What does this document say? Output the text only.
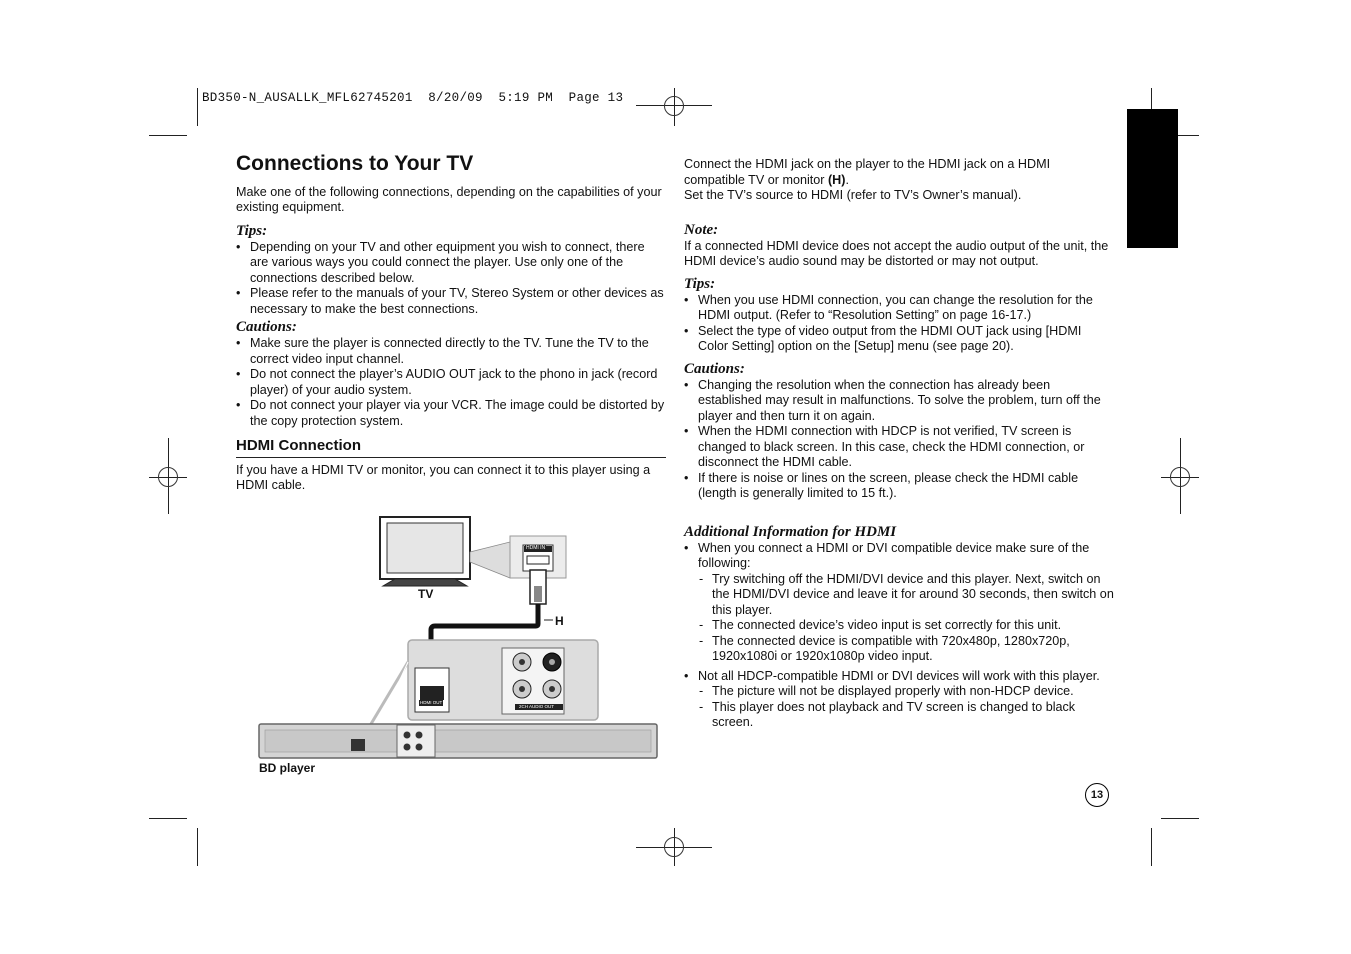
BD350-N_AUSALLK_MFL62745201  8/20/09  5:19 PM  Page 13
Connections to Your TV

Make one of the following connections, depending on the capabilities of your existing equipment.

Tips:

• Depending on your TV and other equipment you wish to connect, there are various ways you could connect the player. Use only one of the connections described below.
• Please refer to the manuals of your TV, Stereo System or other devices as necessary to make the best connections.

Cautions:

• Make sure the player is connected directly to the TV. Tune the TV to the correct video input channel.
• Do not connect the player’s AUDIO OUT jack to the phono in jack (record player) of your audio system.
• Do not connect your player via your VCR. The image could be distorted by the copy protection system.

HDMI Connection

If you have a HDMI TV or monitor, you can connect it to this player using a HDMI cable.

TV
H
BD player
HDMI IN
HDMI OUT
2CH AUDIO OUT

Connect the HDMI jack on the player to the HDMI jack on a HDMI compatible TV or monitor (H).

Set the TV’s source to HDMI (refer to TV’s Owner’s manual).

Note:

If a connected HDMI device does not accept the audio output of the unit, the HDMI device’s audio sound may be distorted or may not output.

Tips:

• When you use HDMI connection, you can change the resolution for the HDMI output. (Refer to “Resolution Setting” on page 16-17.)
• Select the type of video output from the HDMI OUT jack using [HDMI Color Setting] option on the [Setup] menu (see page 20).

Cautions:

• Changing the resolution when the connection has already been established may result in malfunctions. To solve the problem, turn off the player and then turn it on again.
• When the HDMI connection with HDCP is not verified, TV screen is changed to black screen. In this case, check the HDMI connection, or disconnect the HDMI cable.
• If there is noise or lines on the screen, please check the HDMI cable (length is generally limited to 15 ft.).

Additional Information for HDMI

• When you connect a HDMI or DVI compatible device make sure of the following:
- Try switching off the HDMI/DVI device and this player. Next, switch on the HDMI/DVI device and leave it for around 30 seconds, then switch on this player.
- The connected device’s video input is set correctly for this unit.
- The connected device is compatible with 720x480p, 1280x720p, 1920x1080i or 1920x1080p video input.
• Not all HDCP-compatible HDMI or DVI devices will work with this player.
- The picture will not be displayed properly with non-HDCP device.
- This player does not playback and TV screen is changed to black screen.
13
